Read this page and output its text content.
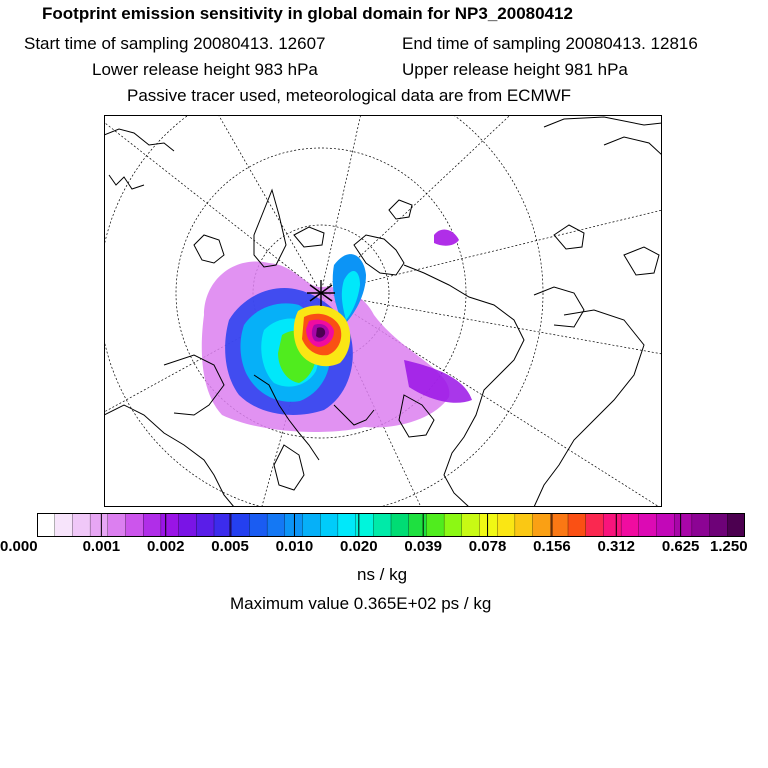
Footprint emission sensitivity in global domain for NP3_20080412
Start time of sampling 20080413. 12607	End time of sampling 20080413. 12816
Lower release height 983 hPa	Upper release height 981 hPa
Passive tracer used, meteorological data are from ECMWF
0.000	0.001 0.002 0.005 0.010 0.020 0.039 0.078 0.156 0.312 0.625 1.250
ns / kg
Maximum value 0.365E+02 ps / kg
